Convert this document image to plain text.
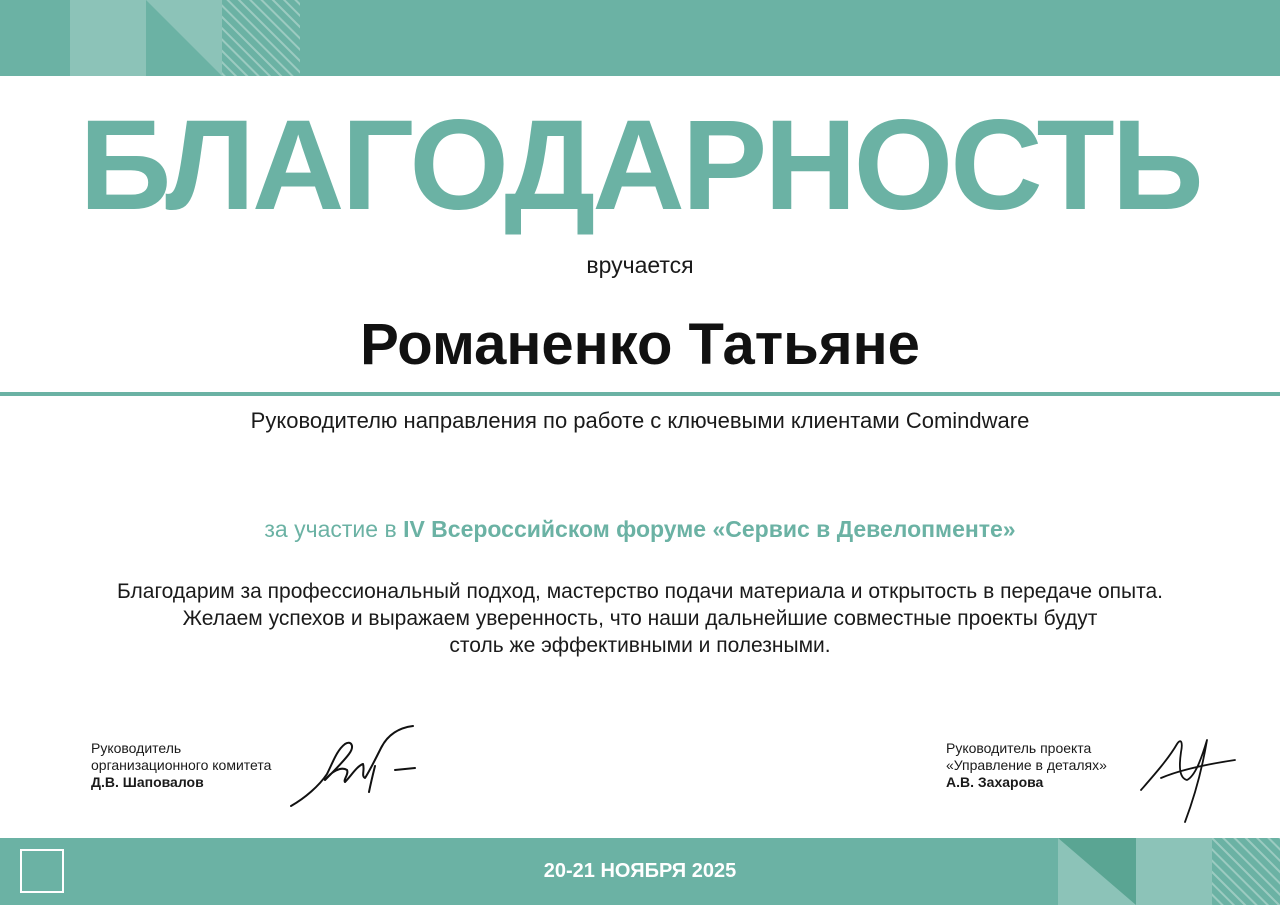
БЛАГОДАРНОСТЬ
вручается
Романенко Татьяне
Руководителю направления по работе с ключевыми клиентами Comindware
за участие в IV Всероссийском форуме «Сервис в Девелопменте»
Благодарим за профессиональный подход, мастерство подачи материала и открытость в передаче опыта.
Желаем успехов и выражаем уверенность, что наши дальнейшие совместные проекты будут
столь же эффективными и полезными.
Руководитель
организационного комитета
Д.В. Шаповалов
Руководитель проекта
«Управление в деталях»
А.В. Захарова
20-21 НОЯБРЯ 2025
